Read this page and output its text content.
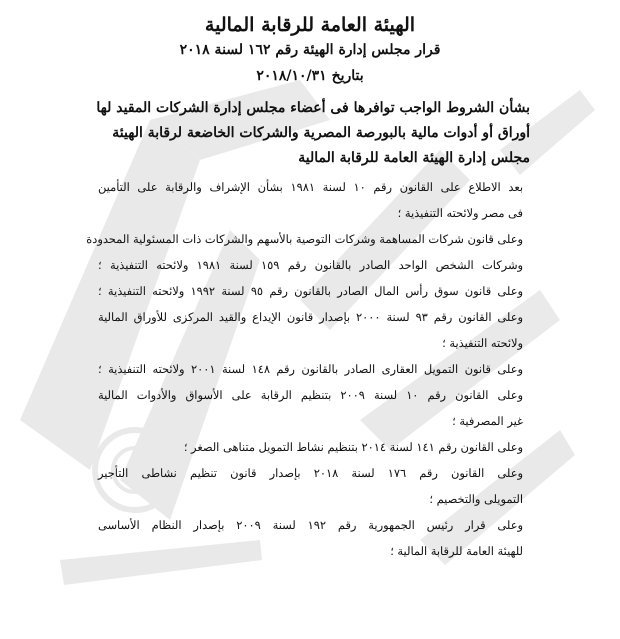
الهيئة العامة للرقابة المالية
قرار مجلس إدارة الهيئة رقم ١٦٢ لسنة ٢٠١٨
بتاريخ ٢٠١٨/١٠/٣١
بشأن الشروط الواجب توافرها فى أعضاء مجلس إدارة الشركات المقيد لها
أوراق أو أدوات مالية بالبورصة المصرية والشركات الخاضعة لرقابة الهيئة
مجلس إدارة الهيئة العامة للرقابة المالية
بعد الاطلاع على القانون رقم ١٠ لسنة ١٩٨١ بشأن الإشراف والرقابة على التأمين
فى مصر ولائحته التنفيذية ؛
وعلى قانون شركات المساهمة وشركات التوصية بالأسهم والشركات ذات المسئولية المحدودة
وشركات الشخص الواحد الصادر بالقانون رقم ١٥٩ لسنة ١٩٨١ ولائحته التنفيذية ؛
وعلى قانون سوق رأس المال الصادر بالقانون رقم ٩٥ لسنة ١٩٩٢ ولائحته التنفيذية ؛
وعلى القانون رقم ٩٣ لسنة ٢٠٠٠ بإصدار قانون الإيداع والقيد المركزى للأوراق المالية
ولائحته التنفيذية ؛
وعلى قانون التمويل العقارى الصادر بالقانون رقم ١٤٨ لسنة ٢٠٠١ ولائحته التنفيذية ؛
وعلى القانون رقم ١٠ لسنة ٢٠٠٩ بتنظيم الرقابة على الأسواق والأدوات المالية
غير المصرفية ؛
وعلى القانون رقم ١٤١ لسنة ٢٠١٤ بتنظيم نشاط التمويل متناهى الصغر ؛
وعلى القانون رقم ١٧٦ لسنة ٢٠١٨ بإصدار قانون تنظيم نشاطى التأجير
التمويلى والتخصيم ؛
وعلى قرار رئيس الجمهورية رقم ١٩٢ لسنة ٢٠٠٩ بإصدار النظام الأساسى
للهيئة العامة للرقابة المالية ؛
